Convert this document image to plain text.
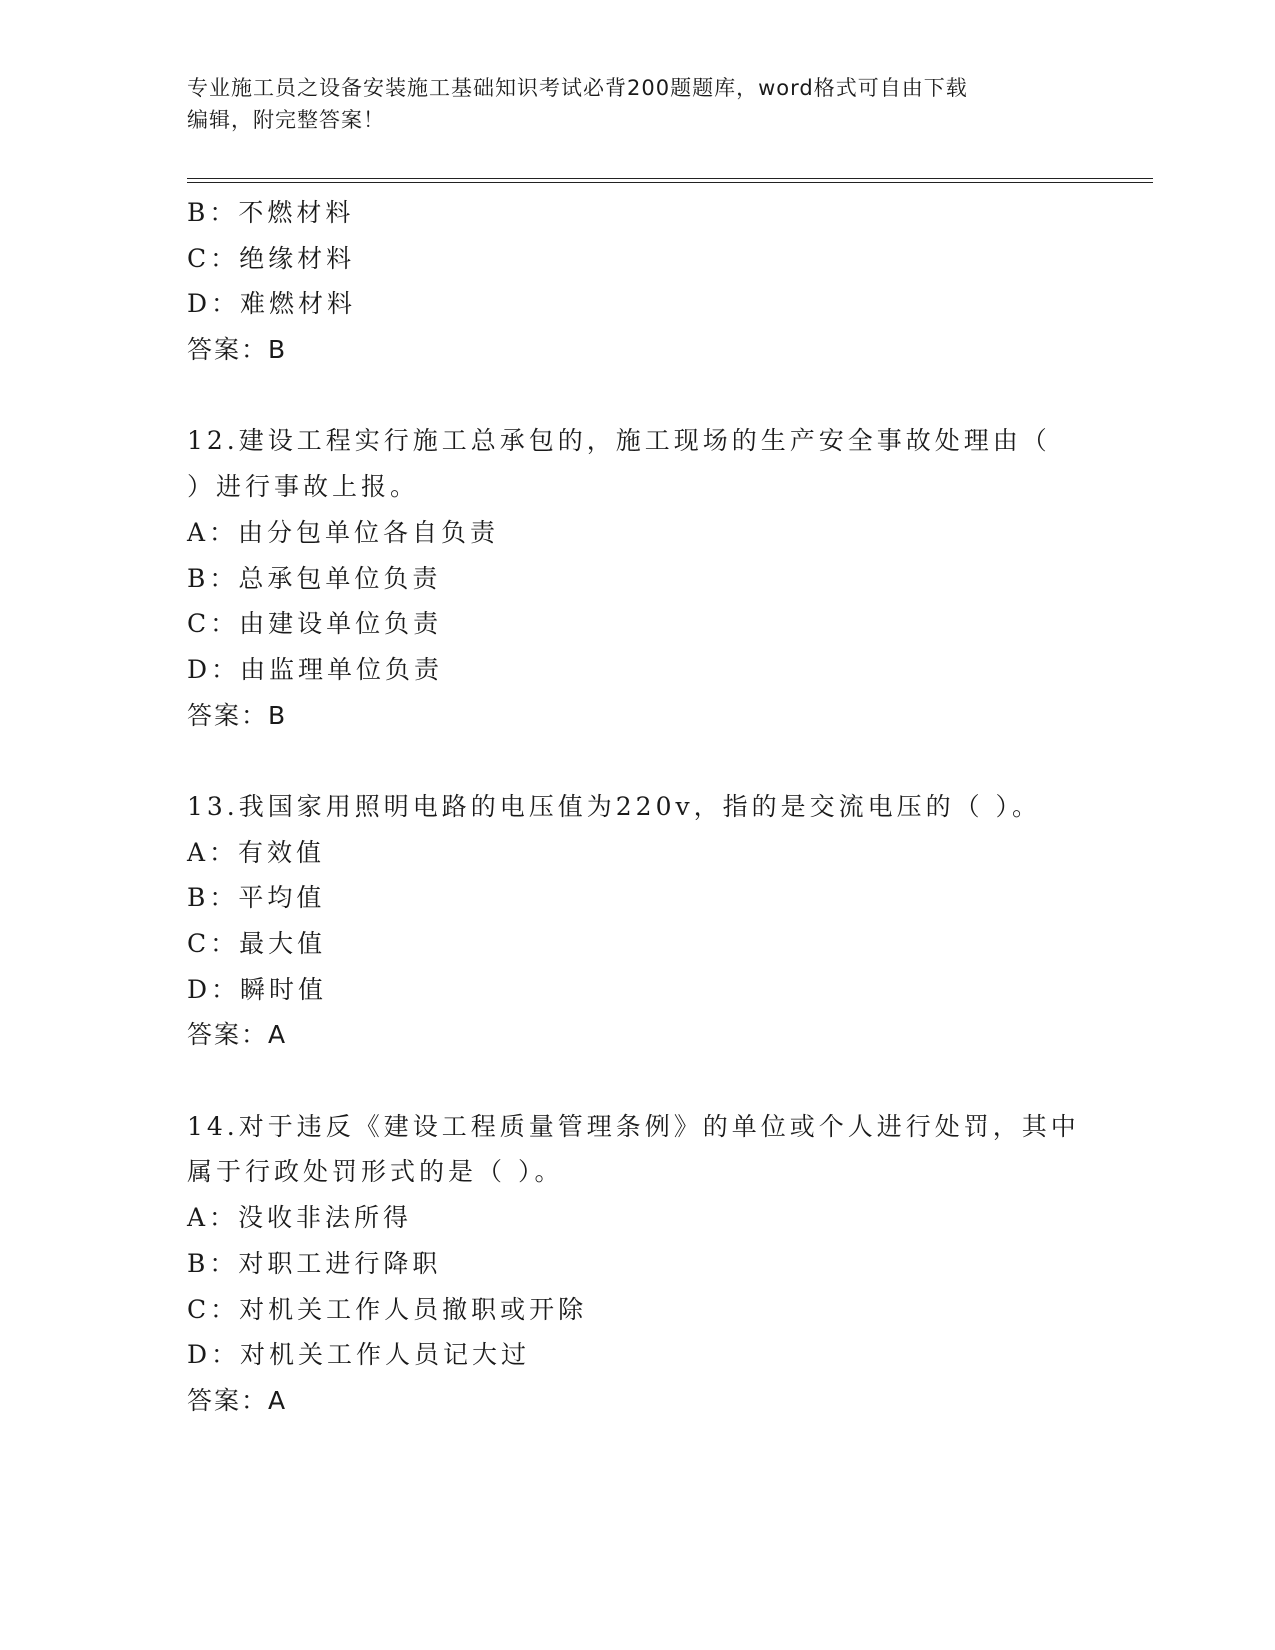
专业施工员之设备安装施工基础知识考试必背200题题库，word格式可自由下载
编辑，附完整答案！
B：不燃材料
C：绝缘材料
D：难燃材料
答案：B
12.建设工程实行施工总承包的，施工现场的生产安全事故处理由（
）进行事故上报。
A：由分包单位各自负责
B：总承包单位负责
C：由建设单位负责
D：由监理单位负责
答案：B
13.我国家用照明电路的电压值为220v，指的是交流电压的（ ）。
A：有效值
B：平均值
C：最大值
D：瞬时值
答案：A
14.对于违反《建设工程质量管理条例》的单位或个人进行处罚，其中
属于行政处罚形式的是（ ）。
A：没收非法所得
B：对职工进行降职
C：对机关工作人员撤职或开除
D：对机关工作人员记大过
答案：A
